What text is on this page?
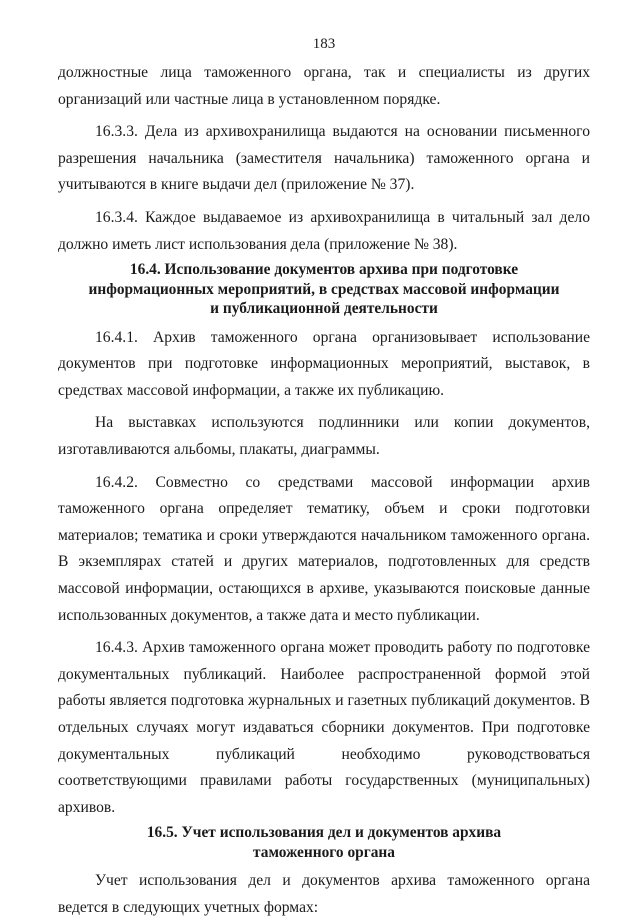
183

должностные лица таможенного органа, так и специалисты из других организаций или частные лица в установленном порядке.

16.3.3. Дела из архивохранилища выдаются на основании письменного разрешения начальника (заместителя начальника) таможенного органа и учитываются в книге выдачи дел (приложение № 37).

16.3.4. Каждое выдаваемое из архивохранилища в читальный зал дело должно иметь лист использования дела (приложение № 38).

16.4. Использование документов архива при подготовке
информационных мероприятий, в средствах массовой информации
и публикационной деятельности

16.4.1. Архив таможенного органа организовывает использование документов при подготовке информационных мероприятий, выставок, в средствах массовой информации, а также их публикацию.

На выставках используются подлинники или копии документов, изготавливаются альбомы, плакаты, диаграммы.

16.4.2. Совместно со средствами массовой информации архив таможенного органа определяет тематику, объем и сроки подготовки материалов; тематика и сроки утверждаются начальником таможенного органа. В экземплярах статей и других материалов, подготовленных для средств массовой информации, остающихся в архиве, указываются поисковые данные использованных документов, а также дата и место публикации.

16.4.3. Архив таможенного органа может проводить работу по подготовке документальных публикаций. Наиболее распространенной формой этой работы является подготовка журнальных и газетных публикаций документов. В отдельных случаях могут издаваться сборники документов. При подготовке документальных публикаций необходимо руководствоваться соответствующими правилами работы государственных (муниципальных) архивов.

16.5. Учет использования дел и документов архива
таможенного органа

Учет использования дел и документов архива таможенного органа ведется в следующих учетных формах:
